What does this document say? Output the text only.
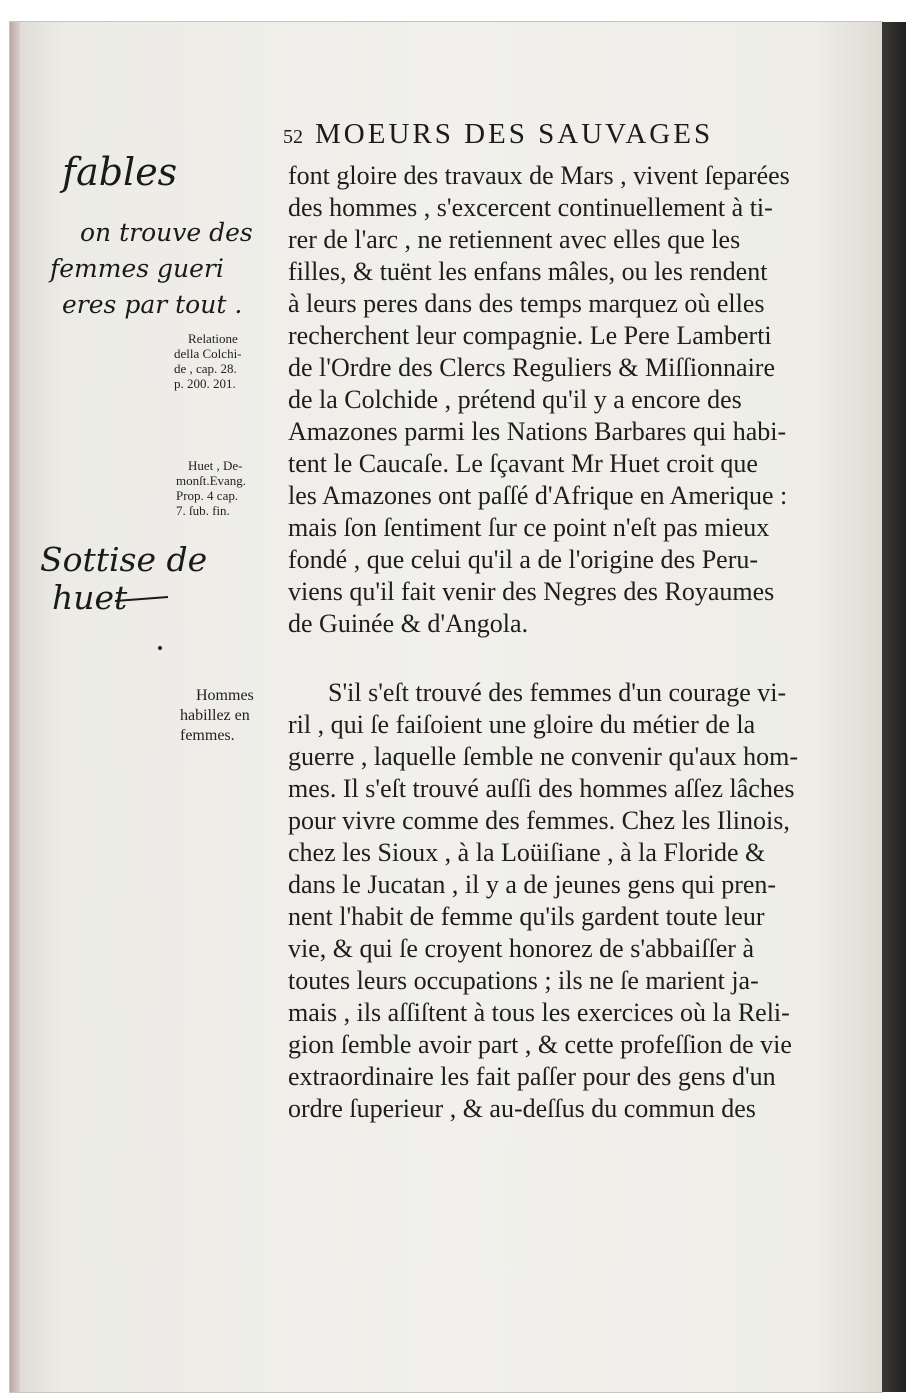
52 MOEURS DES SAUVAGES
font gloire des travaux de Mars , vivent ſeparées
des hommes , s'excercent continuellement à ti-
rer de l'arc , ne retiennent avec elles que les
filles, & tuënt les enfans mâles, ou les rendent
à leurs peres dans des temps marquez où elles
recherchent leur compagnie. Le Pere Lamberti
de l'Ordre des Clercs Reguliers & Miſſionnaire
de la Colchide , prétend qu'il y a encore des
Amazones parmi les Nations Barbares qui habi-
tent le Caucaſe. Le ſçavant Mr Huet croit que
les Amazones ont paſſé d'Afrique en Amerique :
mais ſon ſentiment ſur ce point n'eſt pas mieux
fondé , que celui qu'il a de l'origine des Peru-
viens qu'il fait venir des Negres des Royaumes
de Guinée & d'Angola.
S'il s'eſt trouvé des femmes d'un courage vi-
ril , qui ſe faiſoient une gloire du métier de la
guerre , laquelle ſemble ne convenir qu'aux hom-
mes. Il s'eſt trouvé auſſi des hommes aſſez lâches
pour vivre comme des femmes. Chez les Ilinois,
chez les Sioux , à la Loüiſiane , à la Floride &
dans le Jucatan , il y a de jeunes gens qui pren-
nent l'habit de femme qu'ils gardent toute leur
vie, & qui ſe croyent honorez de s'abbaiſſer à
toutes leurs occupations ; ils ne ſe marient ja-
mais , ils aſſiſtent à tous les exercices où la Reli-
gion ſemble avoir part , & cette profeſſion de vie
extraordinaire les fait paſſer pour des gens d'un
ordre ſuperieur , & au-deſſus du commun des
Relatione
della Colchi-
de , cap. 28.
p. 200. 201.
Huet , De-
monſt.Evang.
Prop. 4 cap.
7. ſub. fin.
Hommes
habillez en
femmes.
fables
on trouve des
femmes gueri
eres par tout .
Sottise de
huet
